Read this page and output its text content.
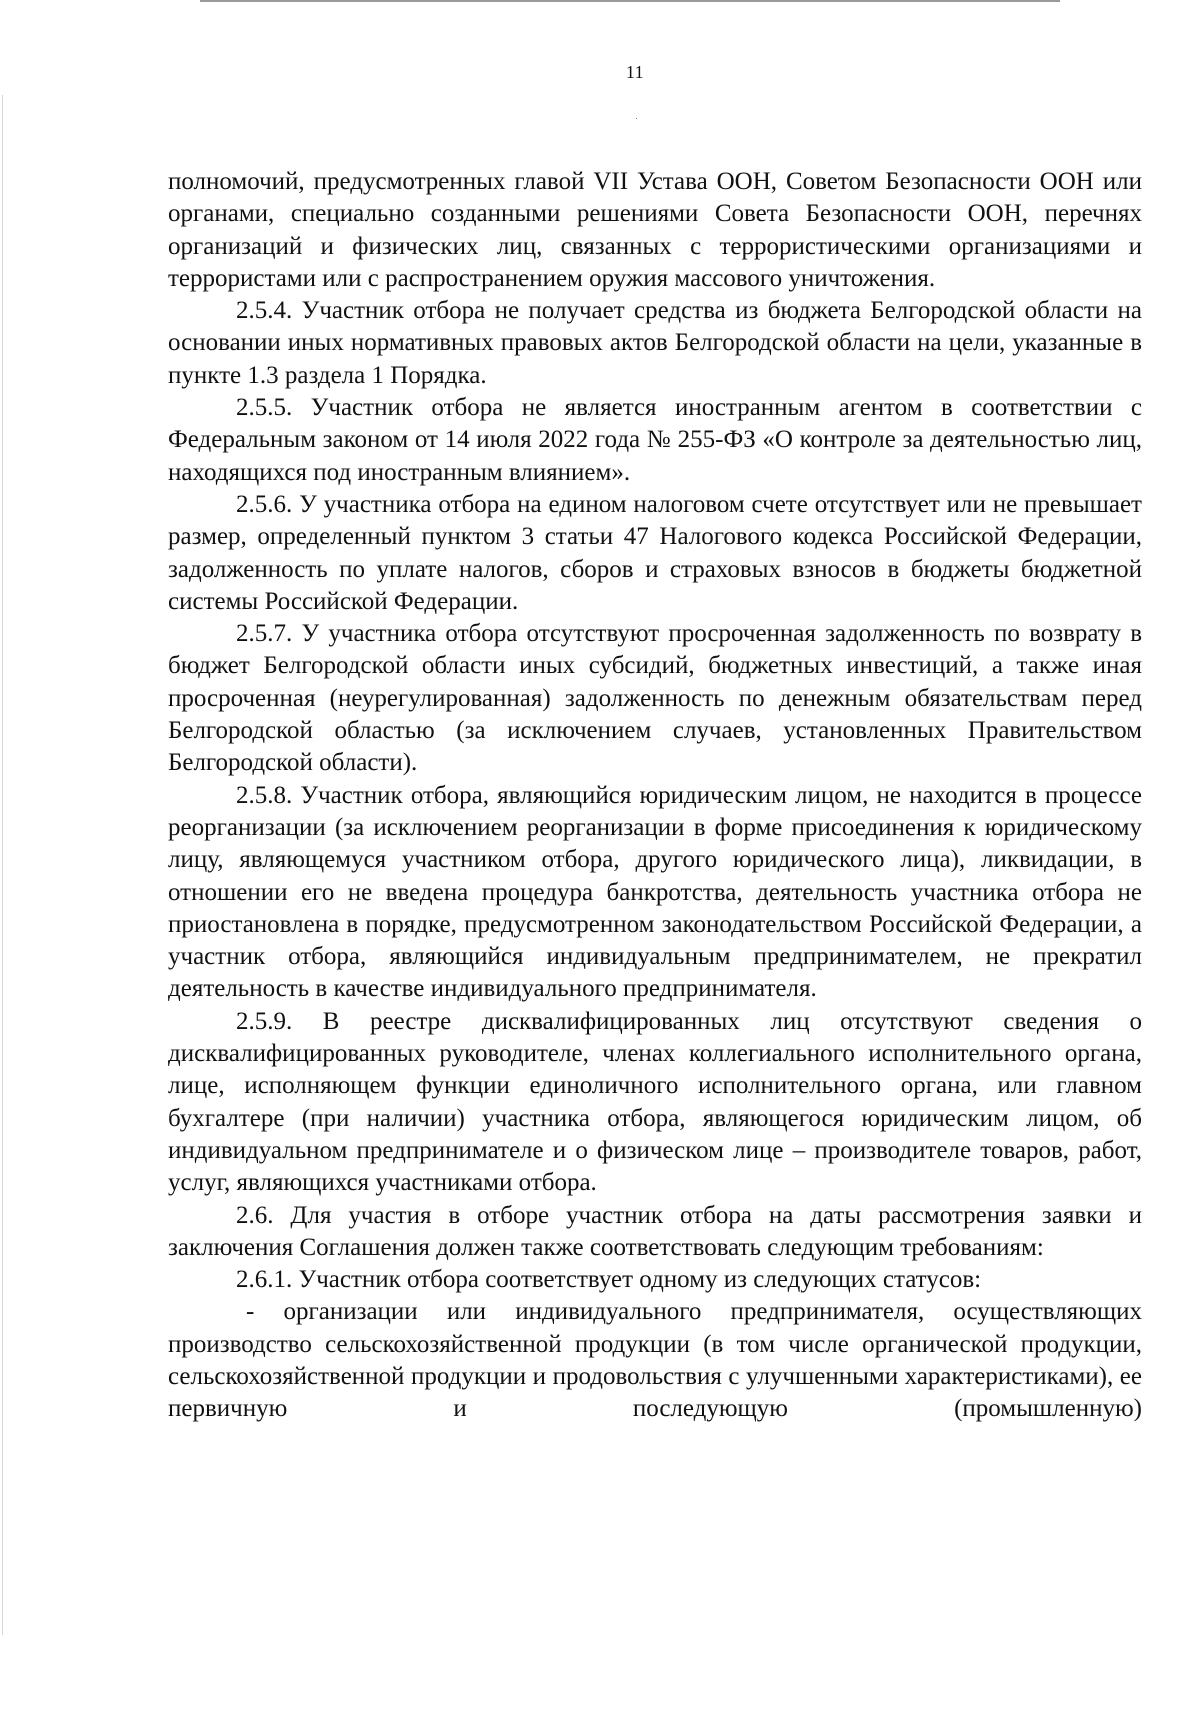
11

полномочий, предусмотренных главой VII Устава ООН, Советом Безопасности ООН или органами, специально созданными решениями Совета Безопасности ООН, перечнях организаций и физических лиц, связанных с террористическими организациями и террористами или с распространением оружия массового уничтожения.

2.5.4. Участник отбора не получает средства из бюджета Белгородской области на основании иных нормативных правовых актов Белгородской области на цели, указанные в пункте 1.3 раздела 1 Порядка.

2.5.5. Участник отбора не является иностранным агентом в соответствии с Федеральным законом от 14 июля 2022 года № 255-ФЗ «О контроле за деятельностью лиц, находящихся под иностранным влиянием».

2.5.6. У участника отбора на едином налоговом счете отсутствует или не превышает размер, определенный пунктом 3 статьи 47 Налогового кодекса Российской Федерации, задолженность по уплате налогов, сборов и страховых взносов в бюджеты бюджетной системы Российской Федерации.

2.5.7. У участника отбора отсутствуют просроченная задолженность по возврату в бюджет Белгородской области иных субсидий, бюджетных инвестиций, а также иная просроченная (неурегулированная) задолженность по денежным обязательствам перед Белгородской областью (за исключением случаев, установленных Правительством Белгородской области).

2.5.8. Участник отбора, являющийся юридическим лицом, не находится в процессе реорганизации (за исключением реорганизации в форме присоединения к юридическому лицу, являющемуся участником отбора, другого юридического лица), ликвидации, в отношении его не введена процедура банкротства, деятельность участника отбора не приостановлена в порядке, предусмотренном законодательством Российской Федерации, а участник отбора, являющийся индивидуальным предпринимателем, не прекратил деятельность в качестве индивидуального предпринимателя.

2.5.9. В реестре дисквалифицированных лиц отсутствуют сведения о дисквалифицированных руководителе, членах коллегиального исполнительного органа, лице, исполняющем функции единоличного исполнительного органа, или главном бухгалтере (при наличии) участника отбора, являющегося юридическим лицом, об индивидуальном предпринимателе и о физическом лице – производителе товаров, работ, услуг, являющихся участниками отбора.

2.6. Для участия в отборе участник отбора на даты рассмотрения заявки и заключения Соглашения должен также соответствовать следующим требованиям:

2.6.1. Участник отбора соответствует одному из следующих статусов:

- организации или индивидуального предпринимателя, осуществляющих производство сельскохозяйственной продукции (в том числе органической продукции, сельскохозяйственной продукции и продовольствия с улучшенными характеристиками), ее первичную и последующую (промышленную)
